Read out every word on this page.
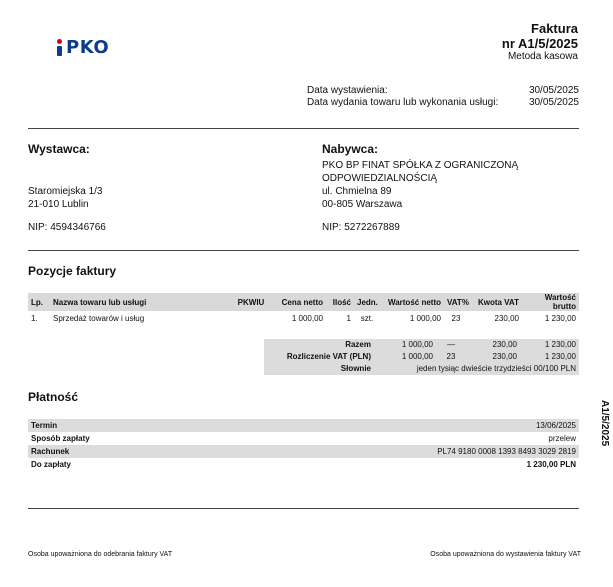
PKO
Faktura
nr A1/5/2025
Metoda kasowa
Data wystawienia:	30/05/2025
Data wydania towaru lub wykonania usługi:	30/05/2025
Wystawca:
Staromiejska 1/3
21-010 Lublin
NIP: 4594346766
Nabywca:
PKO BP FINAT SPÓŁKA Z OGRANICZONĄ
ODPOWIEDZIALNOŚCIĄ
ul. Chmielna 89
00-805 Warszawa
NIP: 5272267889
Pozycje faktury
Lp.	Nazwa towaru lub usługi	PKWIU	Cena netto	Ilość	Jedn.	Wartość netto	VAT%	Kwota VAT	Wartość brutto
1.	Sprzedaż towarów i usług		1 000,00	1	szt.	1 000,00	23	230,00	1 230,00
Razem	1 000,00	—	230,00	1 230,00
Rozliczenie VAT (PLN)	1 000,00	23	230,00	1 230,00
Słownie	jeden tysiąc dwieście trzydzieści 00/100 PLN
Płatność
Termin	13/06/2025
Sposób zapłaty	przelew
Rachunek	PL74 9180 0008 1393 8493 3029 2819
Do zapłaty	1 230,00 PLN
Osoba upoważniona do odebrania faktury VAT	Osoba upoważniona do wystawienia faktury VAT
A1/5/2025
